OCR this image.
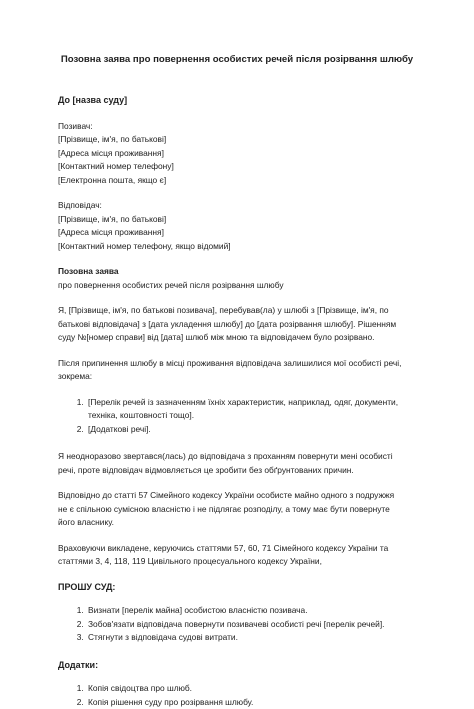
Позовна заява про повернення особистих речей після розірвання шлюбу
До [назва суду]
Позивач:
[Прізвище, ім'я, по батькові]
[Адреса місця проживання]
[Контактний номер телефону]
[Електронна пошта, якщо є]
Відповідач:
[Прізвище, ім'я, по батькові]
[Адреса місця проживання]
[Контактний номер телефону, якщо відомий]
Позовна заява
про повернення особистих речей після розірвання шлюбу

Я, [Прізвище, ім'я, по батькові позивача], перебував(ла) у шлюбі з [Прізвище, ім'я, по
батькові відповідача] з [дата укладення шлюбу] до [дата розірвання шлюбу]. Рішенням
суду №[номер справи] від [дата] шлюб між мною та відповідачем було розірвано.

Після припинення шлюбу в місці проживання відповідача залишилися мої особисті речі,
зокрема:

1. [Перелік речей із зазначенням їхніх характеристик, наприклад, одяг, документи,
техніка, коштовності тощо].
2. [Додаткові речі].

Я неодноразово звертався(лась) до відповідача з проханням повернути мені особисті
речі, проте відповідач відмовляється це зробити без обґрунтованих причин.

Відповідно до статті 57 Сімейного кодексу України особисте майно одного з подружжя
не є спільною сумісною власністю і не підлягає розподілу, а тому має бути повернуте
його власнику.

Враховуючи викладене, керуючись статтями 57, 60, 71 Сімейного кодексу України та
статтями 3, 4, 118, 119 Цивільного процесуального кодексу України,

ПРОШУ СУД:
1. Визнати [перелік майна] особистою власністю позивача.
2. Зобов'язати відповідача повернути позивачеві особисті речі [перелік речей].
3. Стягнути з відповідача судові витрати.
Додатки:
1. Копія свідоцтва про шлюб.
2. Копія рішення суду про розірвання шлюбу.
